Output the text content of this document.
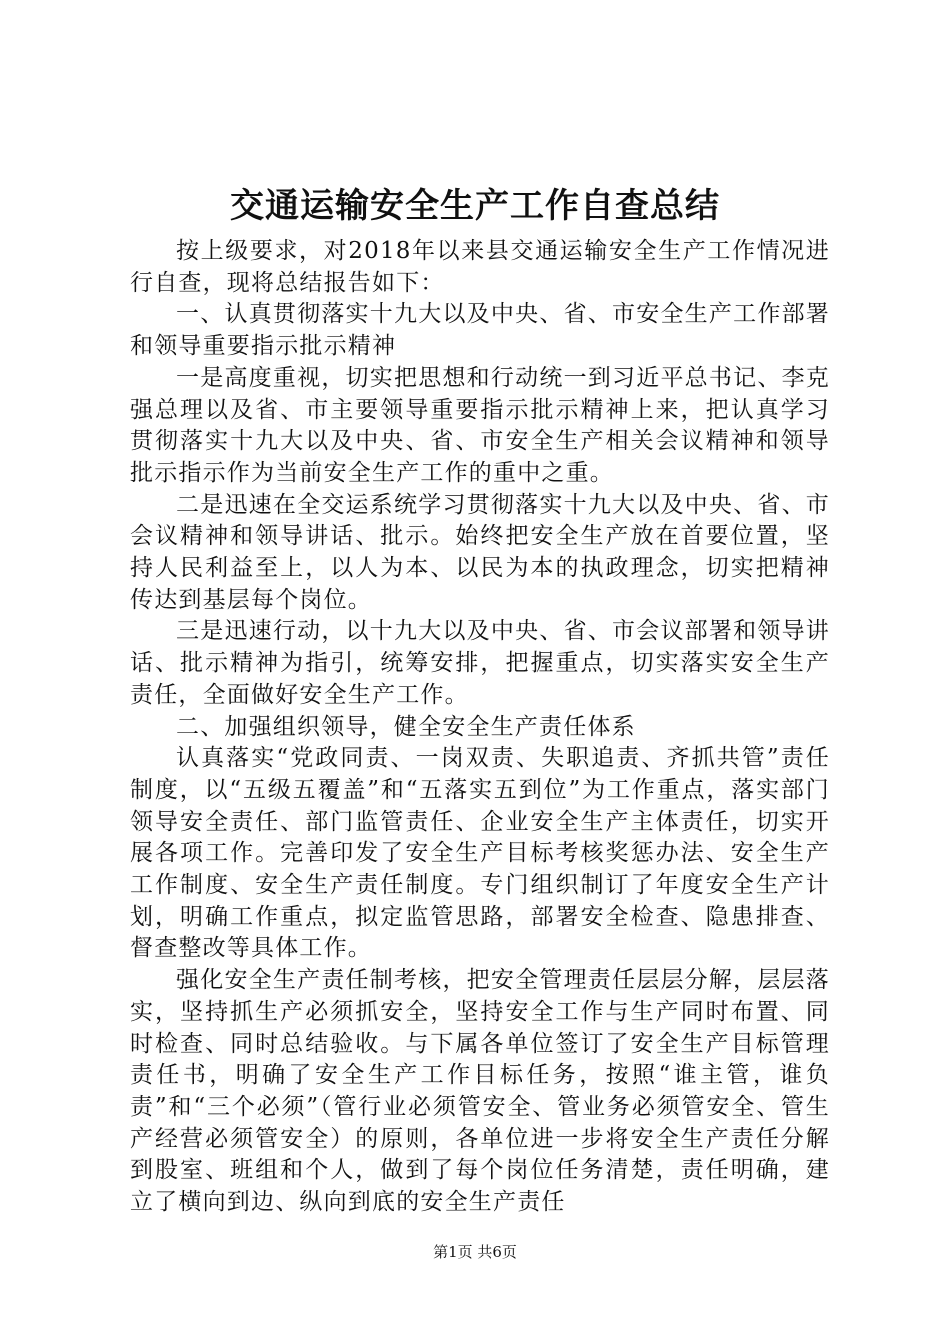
交通运输安全生产工作自查总结

按上级要求，对2018年以来县交通运输安全生产工作情况进行自查，现将总结报告如下：

一、认真贯彻落实十九大以及中央、省、市安全生产工作部署和领导重要指示批示精神

一是高度重视，切实把思想和行动统一到习近平总书记、李克强总理以及省、市主要领导重要指示批示精神上来，把认真学习贯彻落实十九大以及中央、省、市安全生产相关会议精神和领导批示指示作为当前安全生产工作的重中之重。

二是迅速在全交运系统学习贯彻落实十九大以及中央、省、市会议精神和领导讲话、批示。始终把安全生产放在首要位置，坚持人民利益至上，以人为本、以民为本的执政理念，切实把精神传达到基层每个岗位。

三是迅速行动，以十九大以及中央、省、市会议部署和领导讲话、批示精神为指引，统筹安排，把握重点，切实落实安全生产责任，全面做好安全生产工作。

二、加强组织领导，健全安全生产责任体系

认真落实“党政同责、一岗双责、失职追责、齐抓共管”责任制度，以“五级五覆盖”和“五落实五到位”为工作重点，落实部门领导安全责任、部门监管责任、企业安全生产主体责任，切实开展各项工作。完善印发了安全生产目标考核奖惩办法、安全生产工作制度、安全生产责任制度。专门组织制订了年度安全生产计划，明确工作重点，拟定监管思路，部署安全检查、隐患排查、督查整改等具体工作。

强化安全生产责任制考核，把安全管理责任层层分解，层层落实，坚持抓生产必须抓安全，坚持安全工作与生产同时布置、同时检查、同时总结验收。与下属各单位签订了安全生产目标管理责任书，明确了安全生产工作目标任务，按照“谁主管，谁负责”和“三个必须”（管行业必须管安全、管业务必须管安全、管生产经营必须管安全）的原则，各单位进一步将安全生产责任分解到股室、班组和个人，做到了每个岗位任务清楚，责任明确，建立了横向到边、纵向到底的安全生产责任

第1页 共6页
